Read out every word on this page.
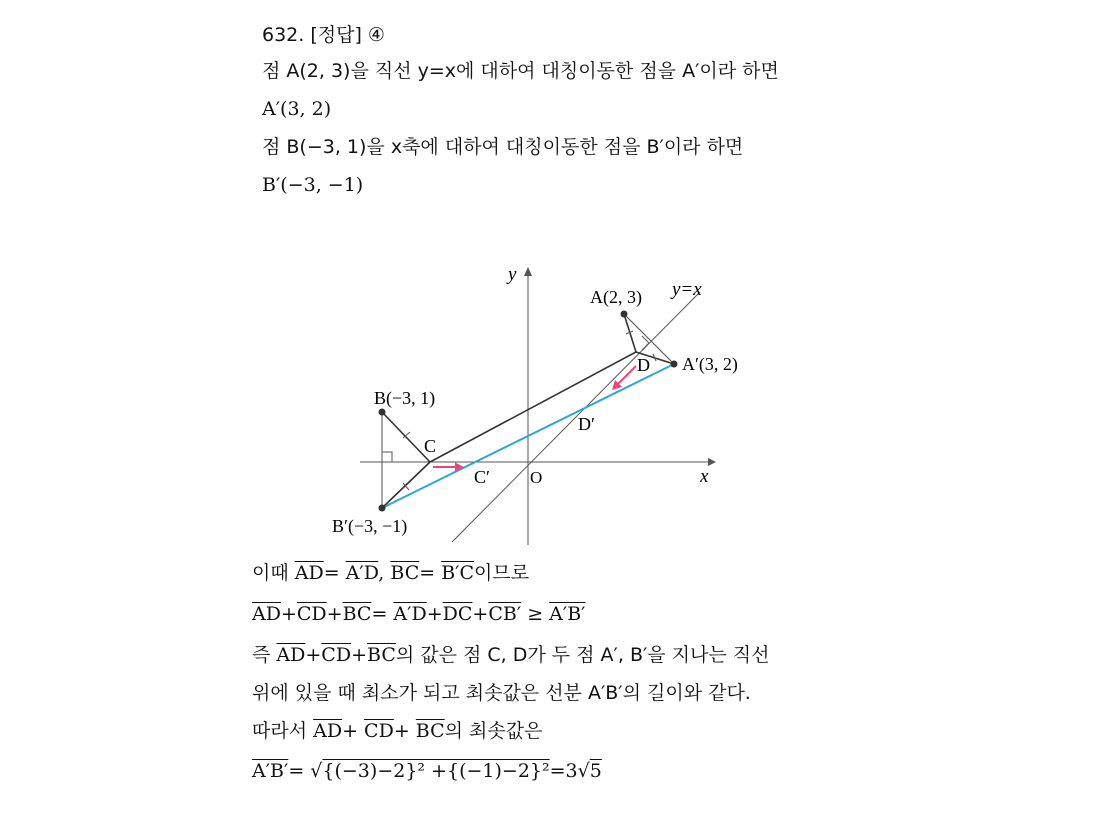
632. [정답] ④
점 A(2, 3)을 직선 y=x에 대하여 대칭이동한 점을 A′이라 하면
A′(3, 2)
점 B(−3, 1)을 x축에 대하여 대칭이동한 점을 B′이라 하면
B′(−3, −1)
y
x
O
y=x
A(2, 3)
A′(3, 2)
B(−3, 1)
B′(−3, −1)
C
C′
D
D′
이때 $\overline{AD}= A'D$, $\overline{BC}= B'C$이므로
$\overline{AD}+\overline{CD}+\overline{BC}= A'D+\overline{DC}+CB' \ge A'B'$
즉 $\overline{AD}+\overline{CD}+\overline{BC}$의 값은 점 C, D가 두 점 A′, B′을 지나는 직선
위에 있을 때 최소가 되고 최솟값은 선분 A′B′의 길이와 같다.
따라서 $\overline{AD}+ \overline{CD}+ \overline{BC}$의 최솟값은
A′B′= √{(−3)−2}² +{(−1)−2}²=3√5
